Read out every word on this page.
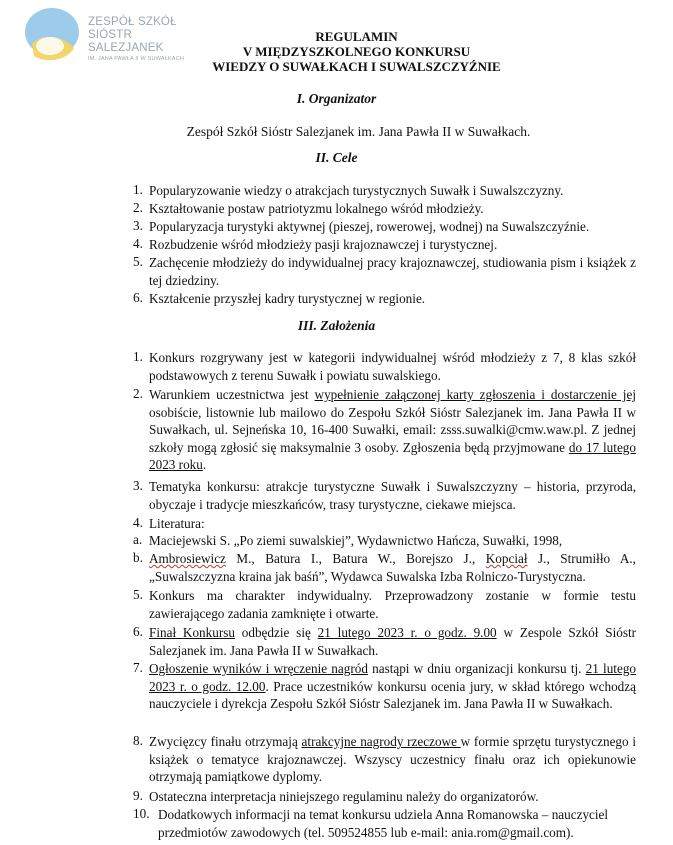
ZESPÓŁ SZKÓŁ
SIÓSTR SALEZJANEK
IM. JANA PAWŁA II W SUWAŁKACH
REGULAMIN
V MIĘDZYSZKOLNEGO KONKURSU
WIEDZY O SUWAŁKACH I SUWALSZCZYŹNIE
I. Organizator
Zespół Szkół Sióstr Salezjanek im. Jana Pawła II w Suwałkach.
II. Cele
1. Popularyzowanie wiedzy o atrakcjach turystycznych Suwałk i Suwalszczyzny.
2. Kształtowanie postaw patriotyzmu lokalnego wśród młodzieży.
3. Popularyzacja turystyki aktywnej (pieszej, rowerowej, wodnej) na Suwalszczyźnie.
4. Rozbudzenie wśród młodzieży pasji krajoznawczej i turystycznej.
5. Zachęcenie młodzieży do indywidualnej pracy krajoznawczej, studiowania pism i książek z tej dziedziny.
6. Kształcenie przyszłej kadry turystycznej w regionie.
III. Założenia
1. Konkurs rozgrywany jest w kategorii indywidualnej wśród młodzieży z 7, 8 klas szkół podstawowych z terenu Suwałk i powiatu suwalskiego.
2. Warunkiem uczestnictwa jest wypełnienie załączonej karty zgłoszenia i dostarczenie jej osobiście, listownie lub mailowo do Zespołu Szkół Sióstr Salezjanek im. Jana Pawła II w Suwałkach, ul. Sejneńska 10, 16-400 Suwałki, email: zsss.suwalki@cmw.waw.pl. Z jednej szkoły mogą zgłosić się maksymalnie 3 osoby. Zgłoszenia będą przyjmowane do 17 lutego 2023 roku.
3. Tematyka konkursu: atrakcje turystyczne Suwałk i Suwalszczyzny – historia, przyroda, obyczaje i tradycje mieszkańców, trasy turystyczne, ciekawe miejsca.
4. Literatura:
a. Maciejewski S. „Po ziemi suwalskiej”, Wydawnictwo Hańcza, Suwałki, 1998,
b. Ambrosiewicz M., Batura I., Batura W., Borejszo J., Kopciał J., Strumiłło A., „Suwalszczyzna kraina jak baśń”, Wydawca Suwalska Izba Rolniczo-Turystyczna.
5. Konkurs ma charakter indywidualny. Przeprowadzony zostanie w formie testu zawierającego zadania zamknięte i otwarte.
6. Finał Konkursu odbędzie się 21 lutego 2023 r. o godz. 9.00 w Zespole Szkół Sióstr Salezjanek im. Jana Pawła II w Suwałkach.
7. Ogłoszenie wyników i wręczenie nagród nastąpi w dniu organizacji konkursu tj. 21 lutego 2023 r. o godz. 12.00. Prace uczestników konkursu ocenia jury, w skład którego wchodzą nauczyciele i dyrekcja Zespołu Szkół Sióstr Salezjanek im. Jana Pawła II w Suwałkach.
8. Zwycięzcy finału otrzymają atrakcyjne nagrody rzeczowe w formie sprzętu turystycznego i książek o tematyce krajoznawczej. Wszyscy uczestnicy finału oraz ich opiekunowie otrzymają pamiątkowe dyplomy.
9. Ostateczna interpretacja niniejszego regulaminu należy do organizatorów.
10. Dodatkowych informacji na temat konkursu udziela Anna Romanowska – nauczyciel przedmiotów zawodowych (tel. 509524855 lub e-mail: ania.rom@gmail.com).
